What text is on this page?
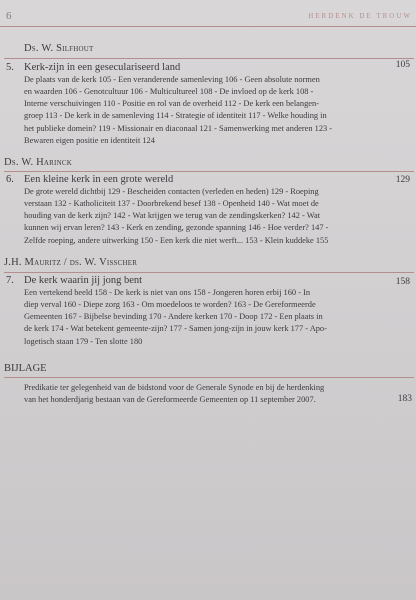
6	HERDENK DE TROUW
Ds. W. Silfhout
5. Kerk-zijn in een geseculariseerd land	105
De plaats van de kerk 105 - Een veranderende samenleving 106 - Geen absolute normen
en waarden 106 - Genotcultuur 106 - Multicultureel 108 - De invloed op de kerk 108 -
Interne verschuivingen 110 - Positie en rol van de overheid 112 - De kerk een belangen-
groep 113 - De kerk in de samenleving 114 - Strategie of identiteit 117 - Welke houding in
het publieke domein? 119 - Missionair en diaconaal 121 - Samenwerking met anderen 123 -
Bewaren eigen positie en identiteit 124
Ds. W. Harinck
6. Een kleine kerk in een grote wereld	129
De grote wereld dichtbij 129 - Bescheiden contacten (verleden en heden) 129 - Roeping
verstaan 132 - Katholiciteit 137 - Doorbrekend besef 138 - Openheid 140 - Wat moet de
houding van de kerk zijn? 142 - Wat krijgen we terug van de zendingskerken? 142 - Wat
kunnen wij ervan leren? 143 - Kerk en zending, gezonde spanning 146 - Hoe verder? 147 -
Zelfde roeping, andere uitwerking 150 - Een kerk die niet werft... 153 - Klein kuddeke 155
J.H. Mauritz / ds. W. Visscher
7. De kerk waarin jij jong bent	158
Een vertekend beeld 158 - De kerk is niet van ons 158 - Jongeren horen erbij 160 - In
diep verval 160 - Diepe zorg 163 - Om moedeloos te worden? 163 - De Gereformeerde
Gemeenten 167 - Bijbelse bevinding 170 - Andere kerken 170 - Doop 172 - Een plaats in
de kerk 174 - Wat betekent gemeente-zijn? 177 - Samen jong-zijn in jouw kerk 177 - Apo-
logetisch staan 179 - Ten slotte 180
BIJLAGE
Predikatie ter gelegenheid van de bidstond voor de Generale Synode en bij de herdenking
van het honderdjarig bestaan van de Gereformeerde Gemeenten op 11 september 2007.	183
